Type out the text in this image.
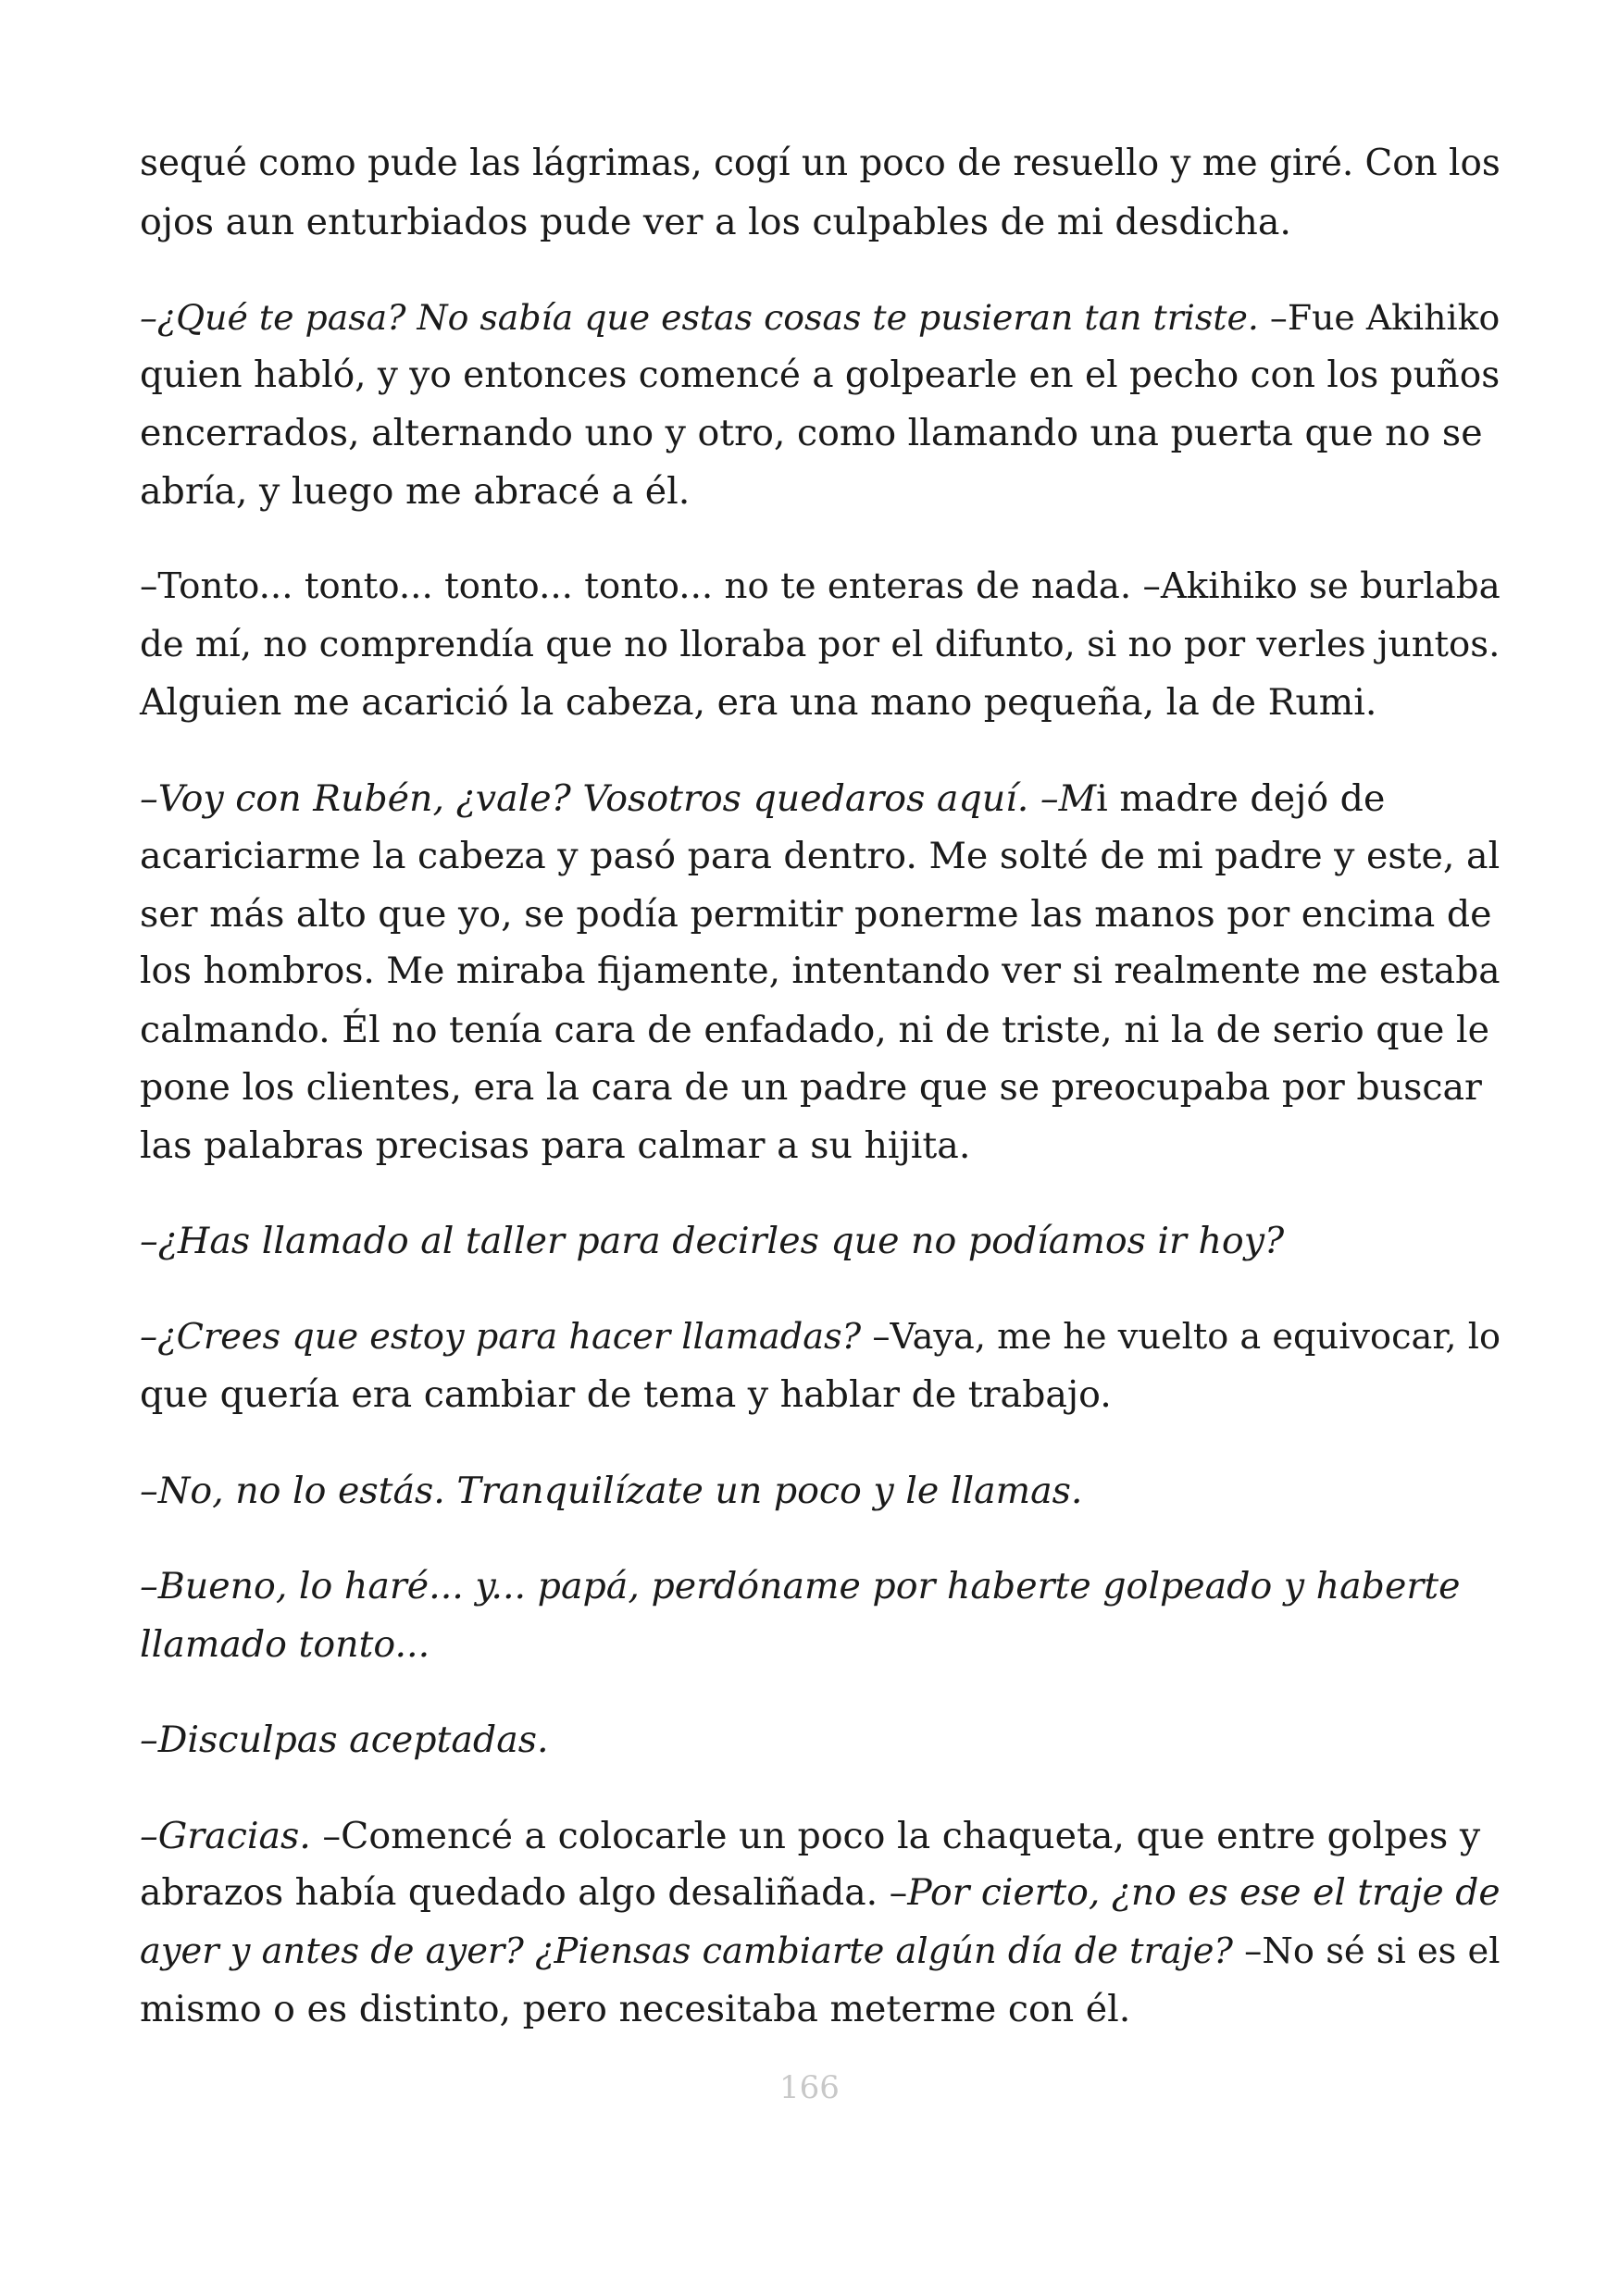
sequé como pude las lágrimas, cogí un poco de resuello y me giré. Con los
ojos aun enturbiados pude ver a los culpables de mi desdicha.

–¿Qué te pasa? No sabía que estas cosas te pusieran tan triste. –Fue Akihiko
quien habló, y yo entonces comencé a golpearle en el pecho con los puños
encerrados, alternando uno y otro, como llamando una puerta que no se
abría, y luego me abracé a él.

–Tonto... tonto... tonto... tonto... no te enteras de nada. –Akihiko se burlaba
de mí, no comprendía que no lloraba por el difunto, si no por verles juntos.
Alguien me acarició la cabeza, era una mano pequeña, la de Rumi.

–Voy con Rubén, ¿vale? Vosotros quedaros aquí. –Mi madre dejó de
acariciarme la cabeza y pasó para dentro. Me solté de mi padre y este, al
ser más alto que yo, se podía permitir ponerme las manos por encima de
los hombros. Me miraba fijamente, intentando ver si realmente me estaba
calmando. Él no tenía cara de enfadado, ni de triste, ni la de serio que le
pone los clientes, era la cara de un padre que se preocupaba por buscar
las palabras precisas para calmar a su hijita.

–¿Has llamado al taller para decirles que no podíamos ir hoy?

–¿Crees que estoy para hacer llamadas? –Vaya, me he vuelto a equivocar, lo
que quería era cambiar de tema y hablar de trabajo.

–No, no lo estás. Tranquilízate un poco y le llamas.

–Bueno, lo haré... y... papá, perdóname por haberte golpeado y haberte
llamado tonto...

–Disculpas aceptadas.

–Gracias. –Comencé a colocarle un poco la chaqueta, que entre golpes y
abrazos había quedado algo desaliñada. –Por cierto, ¿no es ese el traje de
ayer y antes de ayer? ¿Piensas cambiarte algún día de traje? –No sé si es el
mismo o es distinto, pero necesitaba meterme con él.

166
